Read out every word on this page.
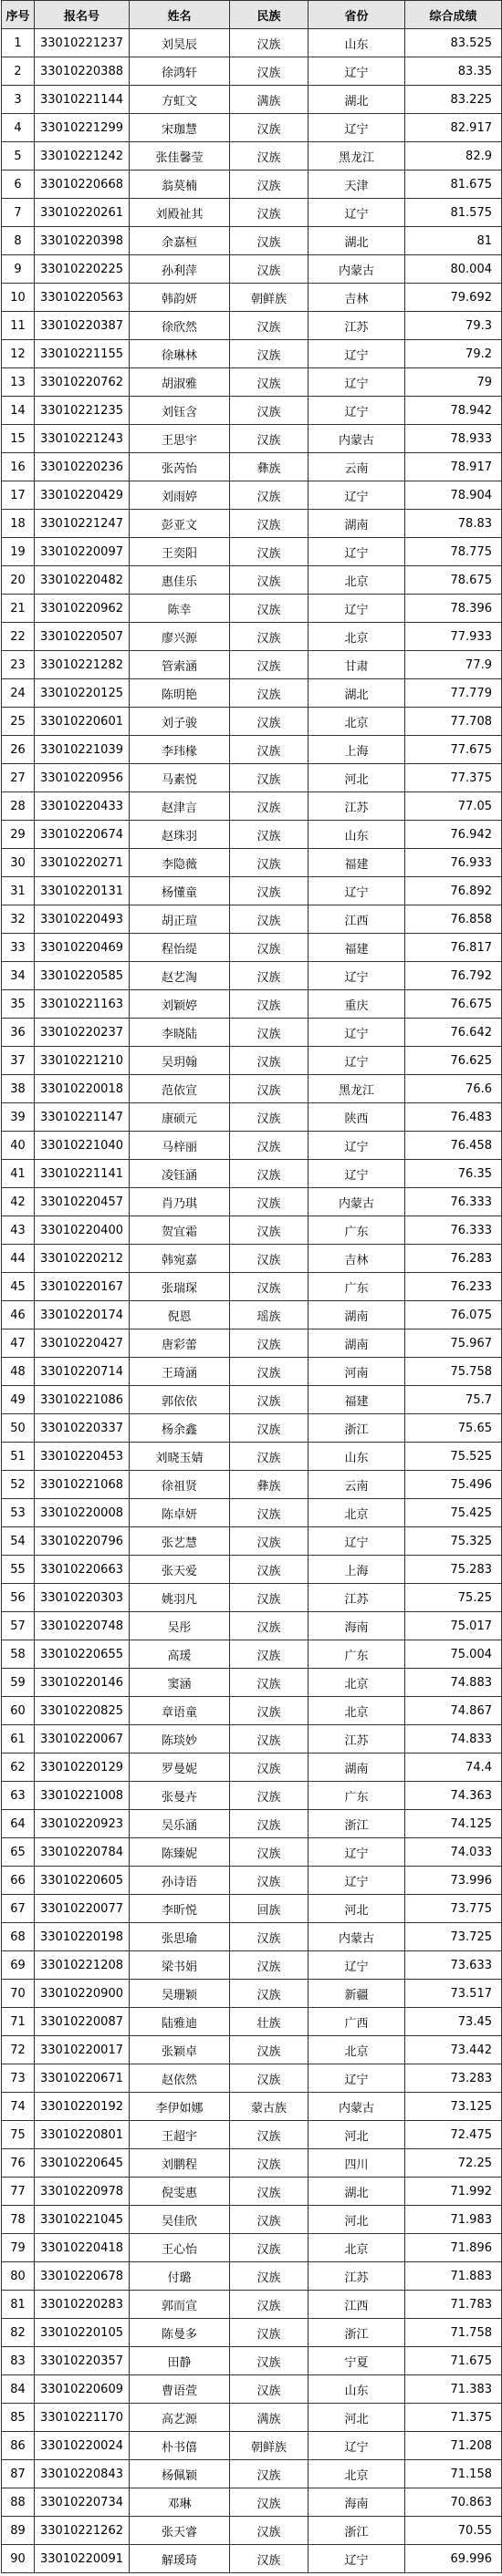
序号	报名号	姓名	民族	省份	综合成绩
1	33010221237	刘昊辰	汉族	山东	83.525
2	33010220388	徐鸿轩	汉族	辽宁	83.35
3	33010221144	方虹文	满族	湖北	83.225
4	33010221299	宋珈慧	汉族	辽宁	82.917
5	33010221242	张佳馨莹	汉族	黑龙江	82.9
6	33010220668	翁莫楠	汉族	天津	81.675
7	33010220261	刘殿祉其	汉族	辽宁	81.575
8	33010220398	余嘉桓	汉族	湖北	81
9	33010220225	孙利萍	汉族	内蒙古	80.004
10	33010220563	韩韵妍	朝鲜族	吉林	79.692
11	33010220387	徐欣然	汉族	江苏	79.3
12	33010221155	徐琳林	汉族	辽宁	79.2
13	33010220762	胡淑雅	汉族	辽宁	79
14	33010221235	刘钰含	汉族	辽宁	78.942
15	33010221243	王思宇	汉族	内蒙古	78.933
16	33010220236	张芮怡	彝族	云南	78.917
17	33010220429	刘雨婷	汉族	辽宁	78.904
18	33010221247	彭亚文	汉族	湖南	78.83
19	33010220097	王奕阳	汉族	辽宁	78.775
20	33010220482	惠佳乐	汉族	北京	78.675
21	33010220962	陈幸	汉族	辽宁	78.396
22	33010220507	廖兴源	汉族	北京	77.933
23	33010221282	管索涵	汉族	甘肃	77.9
24	33010220125	陈明艳	汉族	湖北	77.779
25	33010220601	刘子骏	汉族	北京	77.708
26	33010221039	李玮椽	汉族	上海	77.675
27	33010220956	马素悦	汉族	河北	77.375
28	33010220433	赵津言	汉族	江苏	77.05
29	33010220674	赵珠羽	汉族	山东	76.942
30	33010220271	李隐薇	汉族	福建	76.933
31	33010220131	杨懂童	汉族	辽宁	76.892
32	33010220493	胡正瑄	汉族	江西	76.858
33	33010220469	程怡缇	汉族	福建	76.817
34	33010220585	赵艺淘	汉族	辽宁	76.792
35	33010221163	刘颖婷	汉族	重庆	76.675
36	33010220237	李晓陆	汉族	辽宁	76.642
37	33010221210	吴玥翰	汉族	辽宁	76.625
38	33010220018	范依宣	汉族	黑龙江	76.6
39	33010221147	康硕元	汉族	陕西	76.483
40	33010221040	马梓丽	汉族	辽宁	76.458
41	33010221141	凌钰涵	汉族	辽宁	76.35
42	33010220457	肖乃琪	汉族	内蒙古	76.333
43	33010220400	贺宜霜	汉族	广东	76.333
44	33010220212	韩宛嘉	汉族	吉林	76.283
45	33010220167	张瑞琛	汉族	广东	76.233
46	33010220174	倪恩	瑶族	湖南	76.075
47	33010220427	唐彩蕾	汉族	湖南	75.967
48	33010220714	王琦涵	汉族	河南	75.758
49	33010221086	郭依依	汉族	福建	75.7
50	33010220337	杨余鑫	汉族	浙江	75.65
51	33010220453	刘晓玉婧	汉族	山东	75.525
52	33010221068	徐祖贤	彝族	云南	75.496
53	33010220008	陈卓妍	汉族	北京	75.425
54	33010220796	张艺慧	汉族	辽宁	75.325
55	33010220663	张天爱	汉族	上海	75.283
56	33010220303	姚羽凡	汉族	江苏	75.25
57	33010220748	吴彤	汉族	海南	75.017
58	33010220655	高瑗	汉族	广东	75.004
59	33010220146	窦涵	汉族	北京	74.883
60	33010220825	章语童	汉族	北京	74.867
61	33010220067	陈琰妙	汉族	江苏	74.833
62	33010220129	罗曼妮	汉族	湖南	74.4
63	33010221008	张曼卉	汉族	广东	74.363
64	33010220923	吴乐涵	汉族	浙江	74.125
65	33010220784	陈臻妮	汉族	辽宁	74.033
66	33010220605	孙诗语	汉族	辽宁	73.996
67	33010220077	李昕悦	回族	河北	73.775
68	33010220198	张思瑜	汉族	内蒙古	73.725
69	33010221208	梁书娟	汉族	辽宁	73.633
70	33010220900	吴珊颖	汉族	新疆	73.517
71	33010220087	陆雅迪	壮族	广西	73.45
72	33010220017	张颖卓	汉族	北京	73.442
73	33010220671	赵依然	汉族	辽宁	73.283
74	33010220192	李伊如娜	蒙古族	内蒙古	73.125
75	33010220801	王超宇	汉族	河北	72.475
76	33010220645	刘鹏程	汉族	四川	72.25
77	33010220978	倪雯惠	汉族	湖北	71.992
78	33010221045	吴佳欣	汉族	河北	71.983
79	33010220418	王心怡	汉族	北京	71.896
80	33010220678	付璐	汉族	江苏	71.883
81	33010220283	郭而宣	汉族	江西	71.783
82	33010220105	陈曼多	汉族	浙江	71.758
83	33010220357	田静	汉族	宁夏	71.675
84	33010220609	曹语萱	汉族	山东	71.383
85	33010221170	高艺源	满族	河北	71.375
86	33010220024	朴书僖	朝鲜族	辽宁	71.208
87	33010220843	杨佩颖	汉族	北京	71.158
88	33010220734	邓琳	汉族	海南	70.863
89	33010221262	张天睿	汉族	浙江	70.55
90	33010220091	解瑗琦	汉族	辽宁	69.996
